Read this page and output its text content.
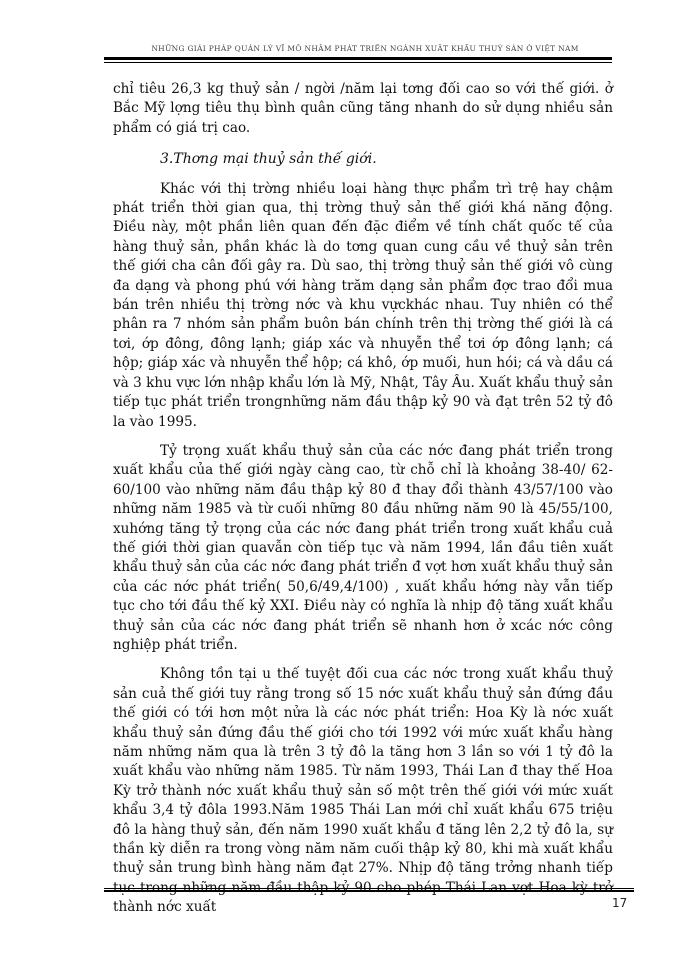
NHỮNG GIẢI PHÁP QUẢN LÝ VĨ MÔ NHẰM PHÁT TRIỂN NGÀNH XUẤT KHẨU THUỶ SẢN Ở VIỆT NAM

chỉ tiêu 26,3 kg thuỷ sản / ngời /năm lại tơng đối cao so với thế giới. ở Bắc Mỹ lợng tiêu thụ bình quân cũng tăng nhanh do sử dụng nhiều sản phẩm có giá trị cao.

3.Thơng mại thuỷ sản thế giới.

Khác với thị trờng nhiều loại hàng thực phẩm trì trệ hay chậm phát triển thời gian qua, thị trờng thuỷ sản thế giới khá năng động. Điều này, một phần liên quan đến đặc điểm về tính chất quốc tế của hàng thuỷ sản, phần khác là do tơng quan cung cầu về thuỷ sản trên thế giới cha cân đối gây ra. Dù sao, thị trờng thuỷ sản thế giới vô cùng đa dạng và phong phú với hàng trăm dạng sản phẩm đợc trao đổi mua bán trên nhiều thị trờng nớc và khu vựckhác nhau. Tuy nhiên có thể phân ra 7 nhóm sản phẩm buôn bán chính trên thị trờng thế giới là cá tơi, ớp đông, đông lạnh; giáp xác và nhuyễn thể tơi ớp đông lạnh; cá hộp; giáp xác và nhuyễn thể hộp; cá khô, ớp muối, hun hói; cá và dầu cá và 3 khu vực lớn nhập khẩu lớn là Mỹ, Nhật, Tây Âu. Xuất khẩu thuỷ sản tiếp tục phát triển trongnhững năm đầu thập kỷ 90 và đạt trên 52 tỷ đô la vào 1995.

Tỷ trọng xuất khẩu thuỷ sản của các nớc đang phát triển trong xuất khẩu của thế giới ngày càng cao, từ chỗ chỉ là khoảng 38-40/ 62-60/100 vào những năm đầu thập kỷ 80 đ thay đổi thành 43/57/100 vào những năm 1985 và từ cuối những 80 đầu những năm 90 là 45/55/100, xuhớng tăng tỷ trọng của các nớc đang phát triển trong xuất khẩu cuả thế giới thời gian quavẫn còn tiếp tục và năm 1994, lần đầu tiên xuất khẩu thuỷ sản của các nớc đang phát triển đ vợt hơn xuất khẩu thuỷ sản của các nớc phát triển( 50,6/49,4/100) , xuất khẩu hớng này vẫn tiếp tục cho tới đầu thế kỷ XXI. Điều này có nghĩa là nhịp độ tăng xuất khẩu thuỷ sản của các nớc đang phát triển sẽ nhanh hơn ở xcác nớc công nghiệp phát triển.

Không tồn tại u thế tuyệt đối cua các nớc trong xuất khẩu thuỷ sản cuả thế giới tuy rằng trong số 15 nớc xuất khẩu thuỷ sản đứng đầu thế giới có tới hơn một nửa là các nớc phát triển: Hoa Kỳ là nớc xuất khẩu thuỷ sản đứng đầu thế giới cho tới 1992 với mức xuất khẩu hàng năm những năm qua là trên 3 tỷ đô la tăng hơn 3 lần so với 1 tỷ đô la xuất khẩu vào những năm 1985. Từ năm 1993, Thái Lan đ thay thế Hoa Kỳ trở thành nớc xuất khẩu thuỷ sản số một trên thế giới với mức xuất khẩu 3,4 tỷ đôla 1993.Năm 1985 Thái Lan mới chỉ xuất khẩu 675 triệu đô la hàng thuỷ sản, đến năm 1990 xuất khẩu đ tăng lên 2,2 tỷ đô la, sự thần kỳ diễn ra trong vòng năm năm cuối thập kỷ 80, khi mà xuất khẩu thuỷ sản trung bình hàng năm đạt 27%. Nhịp độ tăng trởng nhanh tiếp tục trong những năm đầu thập kỷ 90 cho phép Thái Lan vợt Hoa kỳ trở thành nớc xuất	17
